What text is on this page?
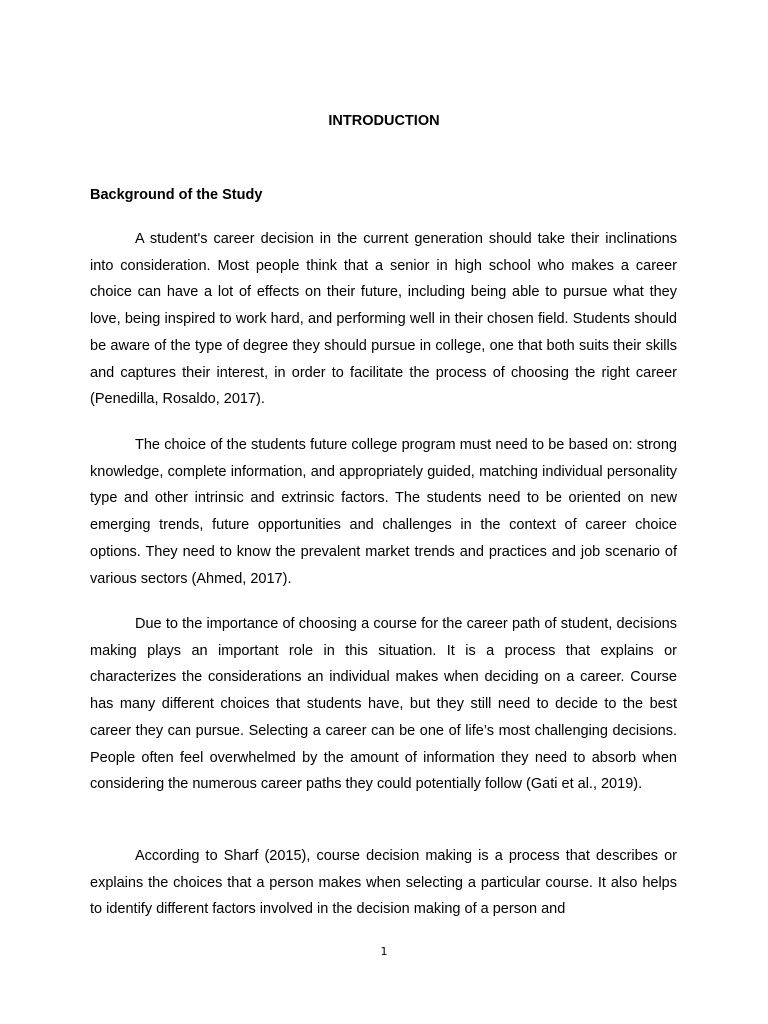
INTRODUCTION
Background of the Study

A student's career decision in the current generation should take their inclinations into consideration. Most people think that a senior in high school who makes a career choice can have a lot of effects on their future, including being able to pursue what they love, being inspired to work hard, and performing well in their chosen field. Students should be aware of the type of degree they should pursue in college, one that both suits their skills and captures their interest, in order to facilitate the process of choosing the right career (Penedilla, Rosaldo, 2017).

The choice of the students future college program must need to be based on: strong knowledge, complete information, and appropriately guided, matching individual personality type and other intrinsic and extrinsic factors. The students need to be oriented on new emerging trends, future opportunities and challenges in the context of career choice options. They need to know the prevalent market trends and practices and job scenario of various sectors (Ahmed, 2017).

Due to the importance of choosing a course for the career path of student, decisions making plays an important role in this situation. It is a process that explains or characterizes the considerations an individual makes when deciding on a career. Course has many different choices that students have, but they still need to decide to the best career they can pursue. Selecting a career can be one of life’s most challenging decisions. People often feel overwhelmed by the amount of information they need to absorb when considering the numerous career paths they could potentially follow (Gati et al., 2019).

According to Sharf (2015), course decision making is a process that describes or explains the choices that a person makes when selecting a particular course. It also helps to identify different factors involved in the decision making of a person and

1
